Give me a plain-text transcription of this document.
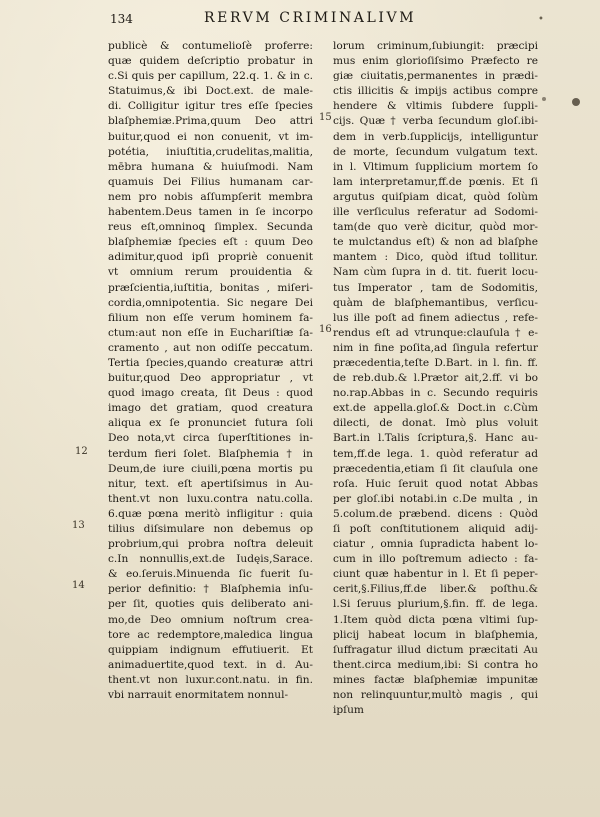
134	RERVM CRIMINALIVM	•
publicè & contumelioſè proferre:
quæ quidem deſcriptio probatur in
c.Si quis per capillum, 22.q. 1. & in c.
Statuimus,& ibi Doct.ext. de male-
di. Colligitur igitur tres eſſe ſpecies
blaſphemiæ.Prima,quum Deo attri
buitur,quod ei non conuenit, vt im-
potétia, iniuſtitia,crudelitas,malitia,
mēbra humana & huiuſmodi. Nam
quamuis Dei Filius humanam car-
nem pro nobis aſſumpſerit membra
habentem.Deus tamen in ſe incorpo
reus eſt,omninoꝗ ſimplex. Secunda
blaſphemiæ ſpecies eſt : quum Deo
adimitur,quod ipſi propriè conuenit
vt omnium rerum prouidentia &
præſcientia,iuſtitia, bonitas , miſeri-
cordia,omnipotentia. Sic negare Dei
filium non eſſe verum hominem fa-
ctum:aut non eſſe in Euchariſtiæ ſa-
cramento , aut non odiſſe peccatum.
Tertia ſpecies,quando creaturæ attri
buitur,quod Deo appropriatur , vt
quod imago creata, ſit Deus : quod
imago det gratiam, quod creatura
aliqua ex ſe pronunciet futura ſoli
Deo nota,vt circa ſuperſtitiones in-
terdum fieri ſolet. Blaſphemia † in
Deum,de iure ciuili,pœna mortis pu
nitur, text. eſt apertiſsimus in Au-
thent.vt non luxu.contra natu.colla.
6.quæ pœna meritò infligitur : quia
tilius diſsimulare non debemus op
probrium,qui probra noſtra deleuit
c.In nonnullis,ext.de Iudęis,Sarace.
& eo.ſeruis.Minuenda ſic fuerit ſu-
perior definitio: † Blaſphemia inſu-
per ſit, quoties quis deliberato ani-
mo,de Deo omnium noſtrum crea-
tore ac redemptore,maledica lingua
quippiam indignum effutiuerit. Et
animaduertite,quod text. in d. Au-
thent.vt non luxur.cont.natu. in fin.
vbi narrauit enormitatem nonnul-
lorum criminum,ſubiungit: præcipi
mus enim glorioſiſsimo Præfecto re
giæ ciuitatis,permanentes in prædi-
ctis illicitis & impijs actibus compre
hendere & vltimis ſubdere ſuppli-
cijs. Quæ † verba ſecundum gloſ.ibi-
dem in verb.ſupplicijs, intelliguntur
de morte, ſecundum vulgatum text.
in l. Vltimum ſupplicium mortem ſo
lam interpretamur,ff.de pœnis. Et ſi
argutus quiſpiam dicat, quòd ſolùm
ille verſiculus referatur ad Sodomi-
tam(de quo verè dicitur, quòd mor-
te mulctandus eſt) & non ad blaſphe
mantem : Dico, quòd iſtud tollitur.
Nam cùm ſupra in d. tit. fuerit locu-
tus Imperator , tam de Sodomitis,
quàm de blaſphemantibus, verſicu-
lus ille poſt ad finem adiectus , refe-
rendus eſt ad vtrunque:clauſula † e-
nim in fine poſita,ad ſingula refertur
præcedentia,teſte D.Bart. in l. fin. ff.
de reb.dub.& l.Prætor ait,2.ff. vi bo
no.rap.Abbas in c. Secundo requiris
ext.de appella.gloſ.& Doct.in c.Cùm
dilecti, de donat. Imò plus voluit
Bart.in l.Talis ſcriptura,§. Hanc au-
tem,ff.de lega. 1. quòd referatur ad
præcedentia,etiam ſi ſit clauſula one
roſa. Huic ſeruit quod notat Abbas
per gloſ.ibi notabi.in c.De multa , in
5.colum.de præbend. dicens : Quòd
ſi poſt conſtitutionem aliquid adij-
ciatur , omnia ſupradicta habent lo-
cum in illo poſtremum adiecto : fa-
ciunt quæ habentur in l. Et ſi peper-
cerit,§.Filius,ff.de liber.& poſthu.&
l.Si ſeruus plurium,§.fin. ff. de lega.
1.Item quòd dicta pœna vltimi ſup-
plicij habeat locum in blaſphemia,
ſuffragatur illud dictum præcitati Au
thent.circa medium,ibi: Si contra ho
mines factæ blaſphemiæ impunitæ
non relinquuntur,multò magis , qui
ipſum
12
13
14
15
16
